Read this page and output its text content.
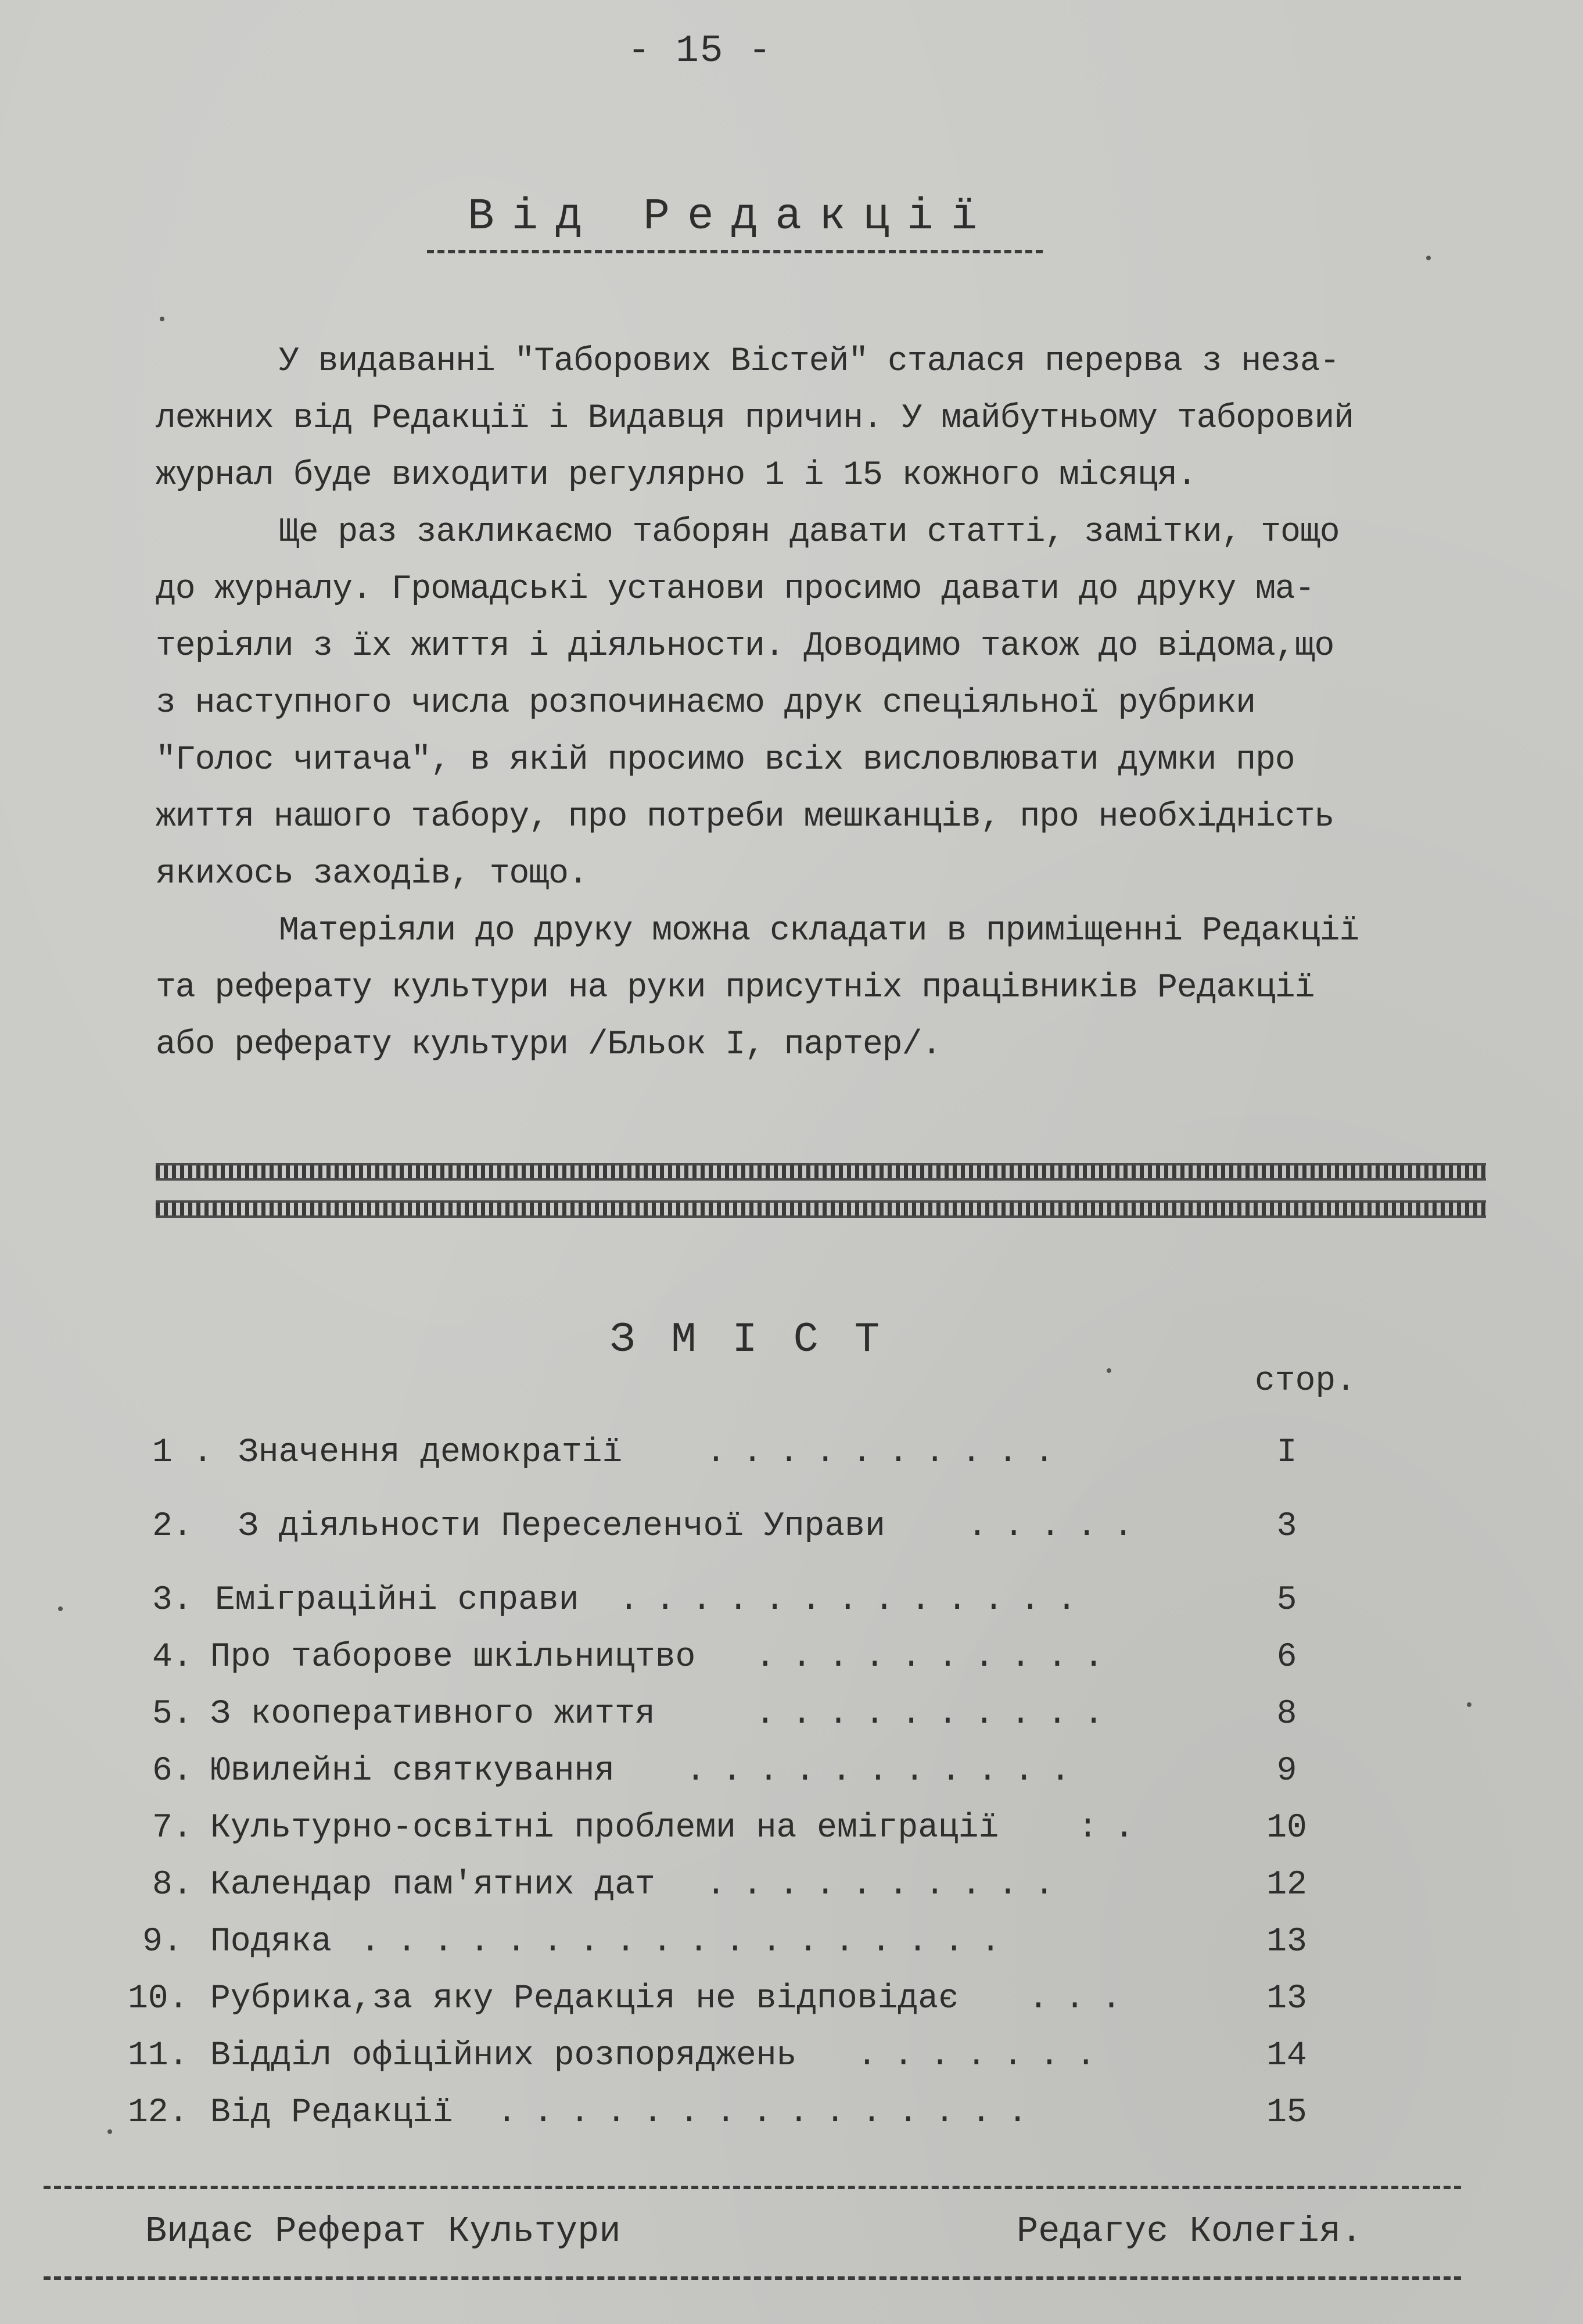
- 15 -
Від Редакції
У видаванні "Таборових Вістей" сталася перерва з неза-
лежних від Редакції і Видавця причин. У майбутньому таборовий
журнал буде виходити регулярно 1 і 15 кожного місяця.
Ще раз закликаємо таборян давати статті, замітки, тощо
до журналу. Громадські установи просимо давати до друку ма-
теріяли з їх життя і діяльности. Доводимо також до відома,що
з наступного числа розпочинаємо друк спеціяльної рубрики
"Голос читача", в якій просимо всіх висловлювати думки про
життя нашого табору, про потреби мешканців, про необхідність
якихось заходів, тощо.
Матеріяли до друку можна складати в приміщенні Редакції
та реферату культури на руки присутніх працівників Редакції
або реферату культури /Бльок І, партер/.
ЗМІСТ
стор.
1 . Значення демократії ..........	I
2. З діяльности Переселенчої Управи .....	3
3. Еміграційні справи .............	5
4. Про таборове шкільництво ..........	6
5. З кооперативного життя	..........	8
6. Ювилейні святкування ...........	9
7. Культурно-освітні проблеми на еміграції :.	10
8. Календар пам'ятних дат ..........	12
9. Подяка ..................	13
10. Рубрика,за яку Редакція не відповідає ...	13
11. Відділ офіційних розпоряджень .......	14
12. Від Редакції ...............	15
Видає Реферат Культури	Редагує Колегія.
